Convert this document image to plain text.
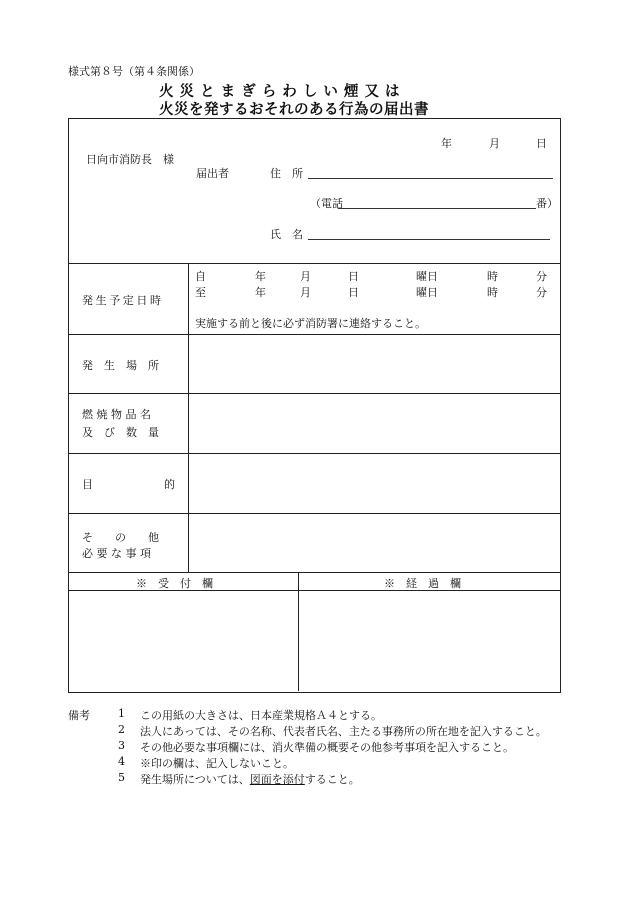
様式第８号（第４条関係）
火 災 と ま ぎ ら わ し い 煙 又 は
火災を発するおそれのある行為の届出書
年	月	日
日向市消防長　様
届出者	住　所
（電話	番）
氏　名
発生予定日時
自	年	月	日	曜日	時	分
至	年	月	日	曜日	時	分
実施する前と後に必ず消防署に連絡すること。
発　生　場　所
燃 焼 物 品 名
及　び　数　量
目	的
そ　　の　　他
必 要 な 事 項
※　受　付　欄	※　経　過　欄
備考	1 この用紙の大きさは、日本産業規格Ａ４とする。
2 法人にあっては、その名称、代表者氏名、主たる事務所の所在地を記入すること。
3 その他必要な事項欄には、消火準備の概要その他参考事項を記入すること。
4 ※印の欄は、記入しないこと。
5 発生場所については、図面を添付すること。
